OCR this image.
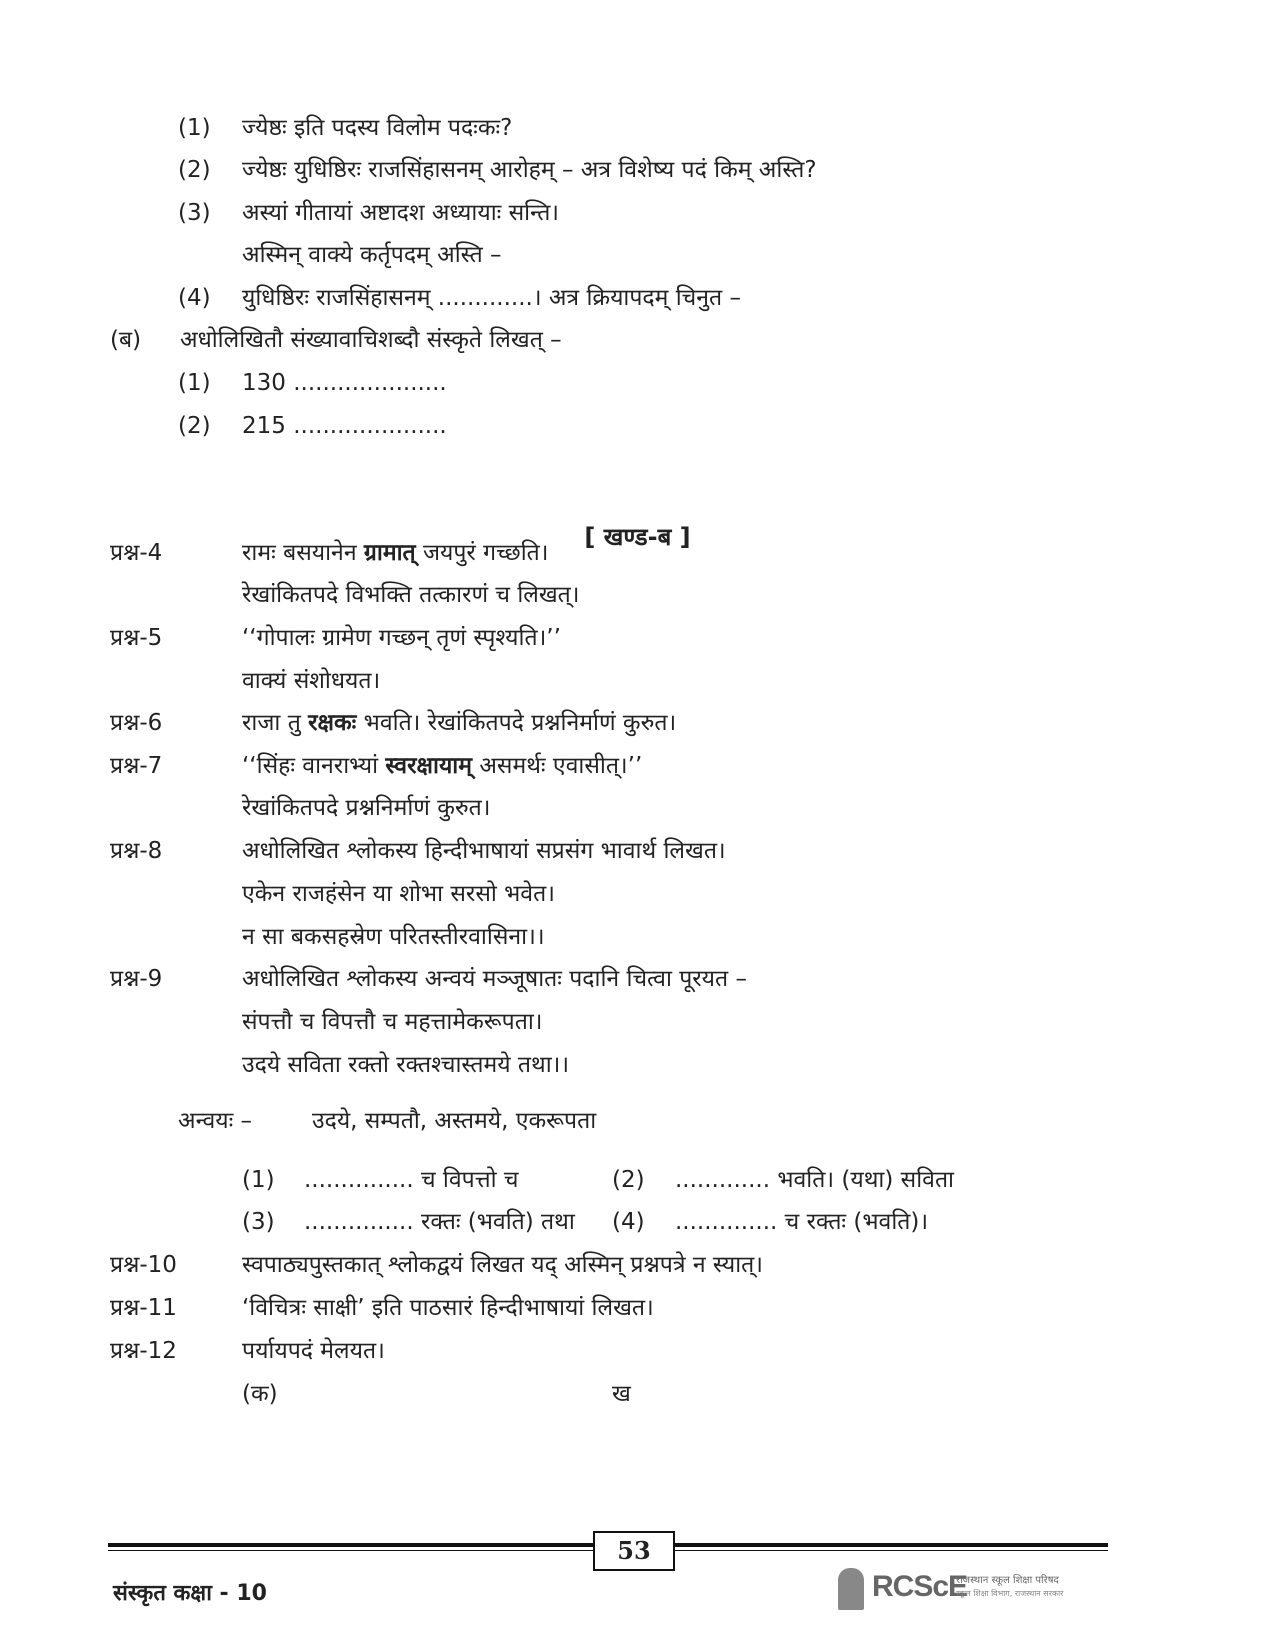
(1) ज्येष्ठः इति पदस्य विलोम पदःकः?
(2) ज्येष्ठः युधिष्ठिरः राजसिंहासनम् आरोहम् – अत्र विशेष्य पदं किम् अस्ति?
(3) अस्यां गीतायां अष्टादश अध्यायाः सन्ति।
अस्मिन् वाक्ये कर्तृपदम् अस्ति –
(4) युधिष्ठिरः राजसिंहासनम् .............। अत्र क्रियापदम् चिनुत –
(ब) अधोलिखितौ संख्यावाचिशब्दौ संस्कृते लिखत् –
(1) 130 .....................
(2) 215 .....................
[ खण्ड-ब ]
प्रश्न-4	रामः बसयानेन ग्रामात् जयपुरं गच्छति।
रेखांकितपदे विभक्ति तत्कारणं च लिखत्।
प्रश्न-5	‘‘गोपालः ग्रामेण गच्छन् तृणं स्पृश्यति।’’
वाक्यं संशोधयत।
प्रश्न-6	राजा तु रक्षकः भवति। रेखांकितपदे प्रश्ननिर्माणं कुरुत।
प्रश्न-7	‘‘सिंहः वानराभ्यां स्वरक्षायाम् असमर्थः एवासीत्।’’
रेखांकितपदे प्रश्ननिर्माणं कुरुत।
प्रश्न-8	अधोलिखित श्लोकस्य हिन्दीभाषायां सप्रसंग भावार्थ लिखत।
एकेन राजहंसेन या शोभा सरसो भवेत।
न सा बकसहस्रेण परितस्तीरवासिना।।
प्रश्न-9	अधोलिखित श्लोकस्य अन्वयं मञ्जूषातः पदानि चित्वा पूरयत –
संपत्तौ च विपत्तौ च महत्तामेकरूपता।
उदये सविता रक्तो रक्तश्चास्तमये तथा।।
अन्वयः –	उदये, सम्पतौ, अस्तमये, एकरूपता
(1) ............... च विपत्तो च	(2) ............. भवति। (यथा) सविता
(3) ............... रक्तः (भवति) तथा (4) .............. च रक्तः (भवति)।
प्रश्न-10	स्वपाठ्यपुस्तकात् श्लोकद्वयं लिखत यद् अस्मिन् प्रश्नपत्रे न स्यात्।
प्रश्न-11	‘विचित्रः साक्षी’ इति पाठसारं हिन्दीभाषायां लिखत।
प्रश्न-12	पर्यायपदं मेलयत।
(क)	ख
53
संस्कृत कक्षा - 10	RCScE
राजस्थान स्कूल शिक्षा परिषद
स्कूल शिक्षा विभाग, राजस्थान सरकार
